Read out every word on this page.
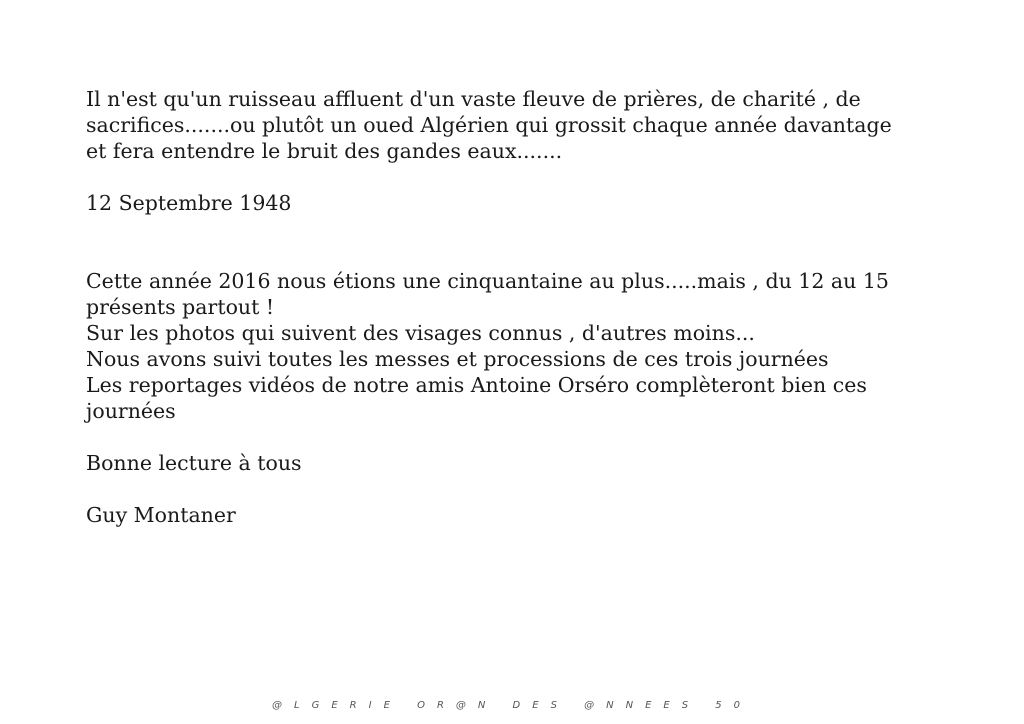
Il n'est qu'un ruisseau affluent d'un vaste fleuve de prières, de charité , de
sacrifices.......ou plutôt un oued Algérien qui grossit chaque année davantage
et fera entendre le bruit des gandes eaux.......
12 Septembre 1948
Cette année 2016 nous étions une cinquantaine au plus.....mais , du 12 au 15
présents partout !
Sur les photos qui suivent des visages connus , d'autres moins...
Nous avons suivi toutes les messes et processions de ces trois journées
Les reportages vidéos de notre amis Antoine Orséro complèteront bien ces
journées
Bonne lecture à tous
Guy Montaner
@LGERIE OR@N DES @NNEES 50
